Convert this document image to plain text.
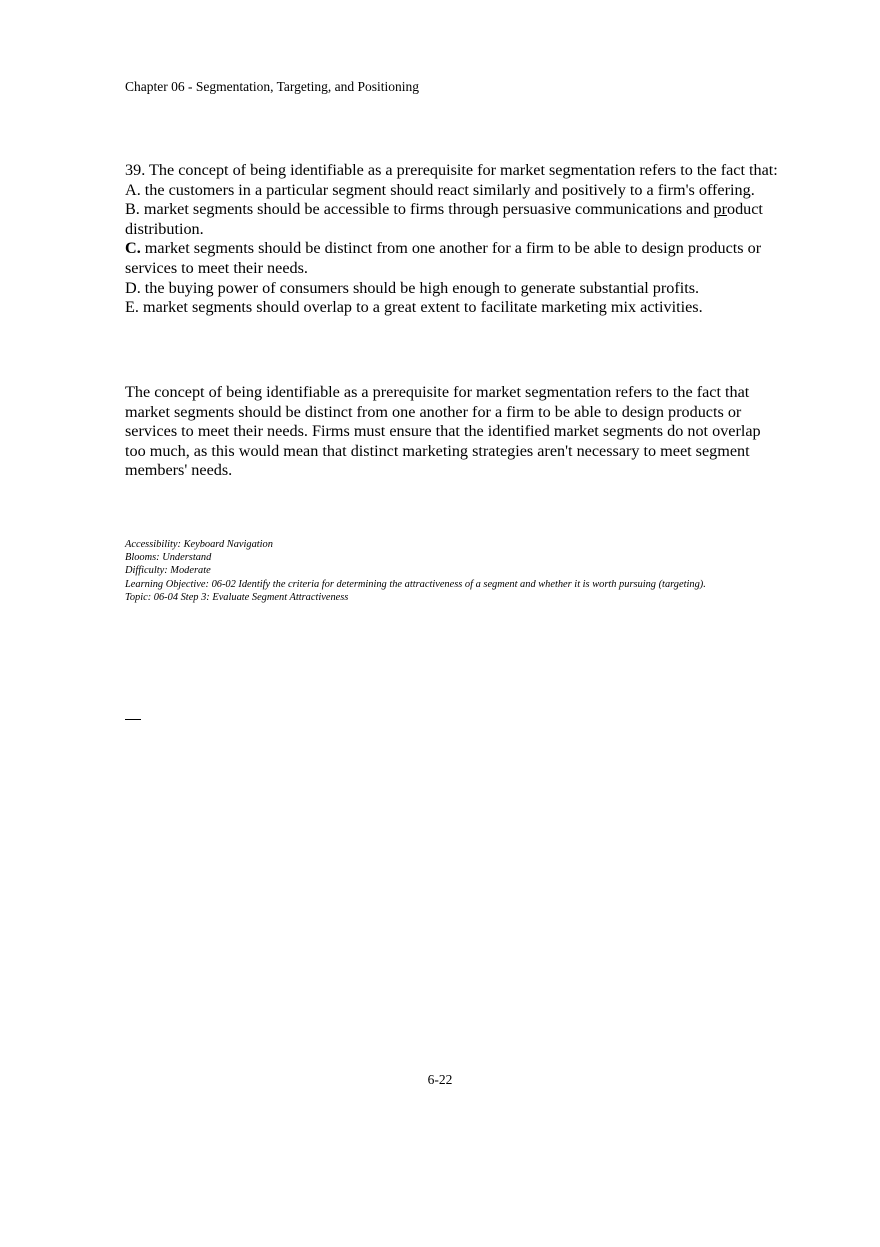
Chapter 06 - Segmentation, Targeting, and Positioning

39. The concept of being identifiable as a prerequisite for market segmentation refers to the fact that:

A. the customers in a particular segment should react similarly and positively to a firm's offering.

B. market segments should be accessible to firms through persuasive communications and product distribution.

C. market segments should be distinct from one another for a firm to be able to design products or services to meet their needs.

D. the buying power of consumers should be high enough to generate substantial profits.

E. market segments should overlap to a great extent to facilitate marketing mix activities.

The concept of being identifiable as a prerequisite for market segmentation refers to the fact that market segments should be distinct from one another for a firm to be able to design products or services to meet their needs. Firms must ensure that the identified market segments do not overlap too much, as this would mean that distinct marketing strategies aren't necessary to meet segment members' needs.

Accessibility: Keyboard Navigation
Blooms: Understand
Difficulty: Moderate
Learning Objective: 06-02 Identify the criteria for determining the attractiveness of a segment and whether it is worth pursuing (targeting).
Topic: 06-04 Step 3: Evaluate Segment Attractiveness
6-22
